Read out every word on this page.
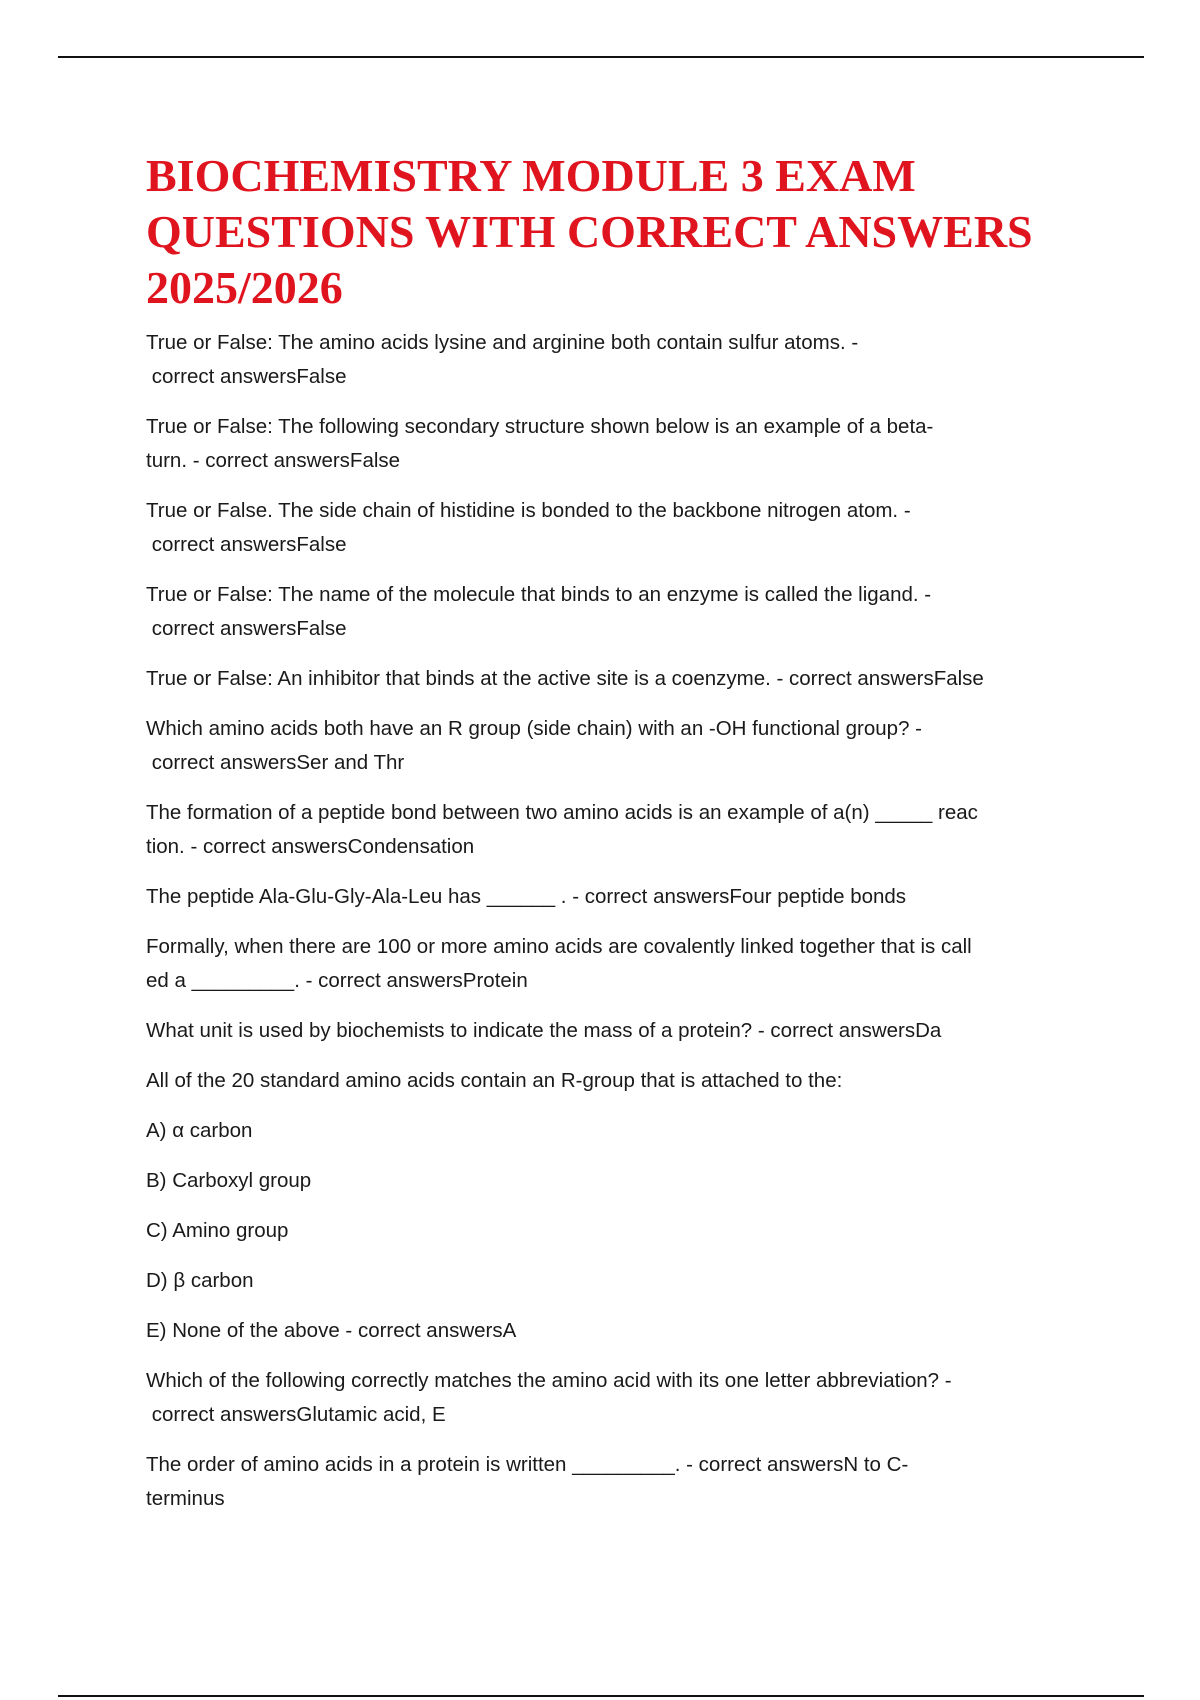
BIOCHEMISTRY MODULE 3 EXAM QUESTIONS WITH CORRECT ANSWERS 2025/2026

True or False: The amino acids lysine and arginine both contain sulfur atoms. -
correct answersFalse

True or False: The following secondary structure shown below is an example of a beta-
turn. - correct answersFalse

True or False. The side chain of histidine is bonded to the backbone nitrogen atom. -
correct answersFalse

True or False: The name of the molecule that binds to an enzyme is called the ligand. -
correct answersFalse

True or False: An inhibitor that binds at the active site is a coenzyme. - correct answersFalse

Which amino acids both have an R group (side chain) with an -OH functional group? -
correct answersSer and Thr

The formation of a peptide bond between two amino acids is an example of a(n) _____ reac
tion. - correct answersCondensation

The peptide Ala-Glu-Gly-Ala-Leu has ______ . - correct answersFour peptide bonds

Formally, when there are 100 or more amino acids are covalently linked together that is call
ed a _________. - correct answersProtein

What unit is used by biochemists to indicate the mass of a protein? - correct answersDa

All of the 20 standard amino acids contain an R-group that is attached to the:

A) α carbon

B) Carboxyl group

C) Amino group

D) β carbon

E) None of the above - correct answersA

Which of the following correctly matches the amino acid with its one letter abbreviation? -
correct answersGlutamic acid, E

The order of amino acids in a protein is written _________. - correct answersN to C-
terminus
